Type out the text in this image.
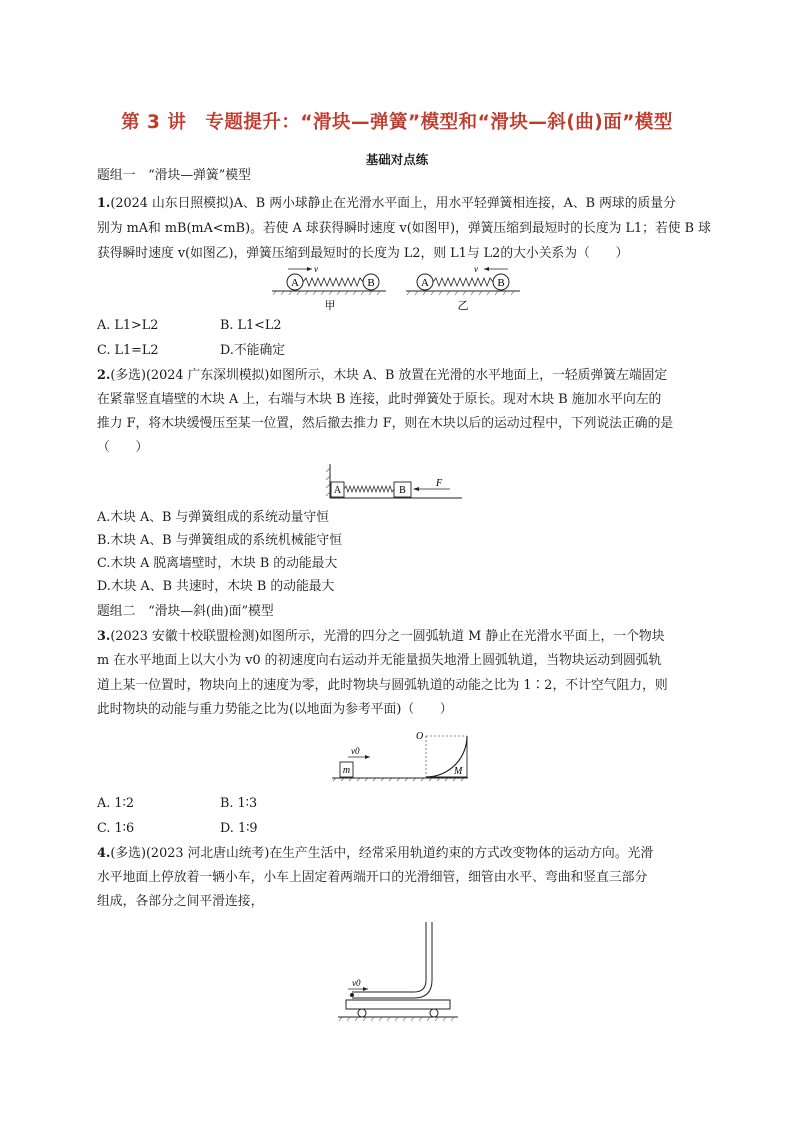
第 3 讲　专题提升：“滑块—弹簧”模型和“滑块—斜(曲)面”模型
基础对点练
题组一　“滑块—弹簧”模型
1.(2024 山东日照模拟)A、B 两小球静止在光滑水平面上，用水平轻弹簧相连接，A、B 两球的质量分
别为 mA和 mB(mA<mB)。若使 A 球获得瞬时速度 v(如图甲)，弹簧压缩到最短时的长度为 L1；若使 B 球
获得瞬时速度 v(如图乙)，弹簧压缩到最短时的长度为 L2，则 L1与 L2的大小关系为（　　）
A	B
v
甲
A	B
v
乙
A. L1>L2	B. L1<L2
C. L1=L2	D.不能确定
2.(多选)(2024 广东深圳模拟)如图所示，木块 A、B 放置在光滑的水平地面上，一轻质弹簧左端固定
在紧靠竖直墙壁的木块 A 上，右端与木块 B 连接，此时弹簧处于原长。现对木块 B 施加水平向左的
推力 F，将木块缓慢压至某一位置，然后撤去推力 F，则在木块以后的运动过程中，下列说法正确的是
（　　）
A	B
F
A.木块 A、B 与弹簧组成的系统动量守恒
B.木块 A、B 与弹簧组成的系统机械能守恒
C.木块 A 脱离墙壁时，木块 B 的动能最大
D.木块 A、B 共速时，木块 B 的动能最大
题组二　“滑块—斜(曲)面”模型
3.(2023 安徽十校联盟检测)如图所示，光滑的四分之一圆弧轨道 M 静止在光滑水平面上，一个物块
m 在水平地面上以大小为 v0 的初速度向右运动并无能量损失地滑上圆弧轨道，当物块运动到圆弧轨
道上某一位置时，物块向上的速度为零，此时物块与圆弧轨道的动能之比为 1∶2，不计空气阻力，则
此时物块的动能与重力势能之比为(以地面为参考平面)（　　）
m
v0
O
M
A. 1∶2	B. 1∶3
C. 1∶6	D. 1∶9
4.(多选)(2023 河北唐山统考)在生产生活中，经常采用轨道约束的方式改变物体的运动方向。光滑
水平地面上停放着一辆小车，小车上固定着两端开口的光滑细管，细管由水平、弯曲和竖直三部分
组成，各部分之间平滑连接，
v0
